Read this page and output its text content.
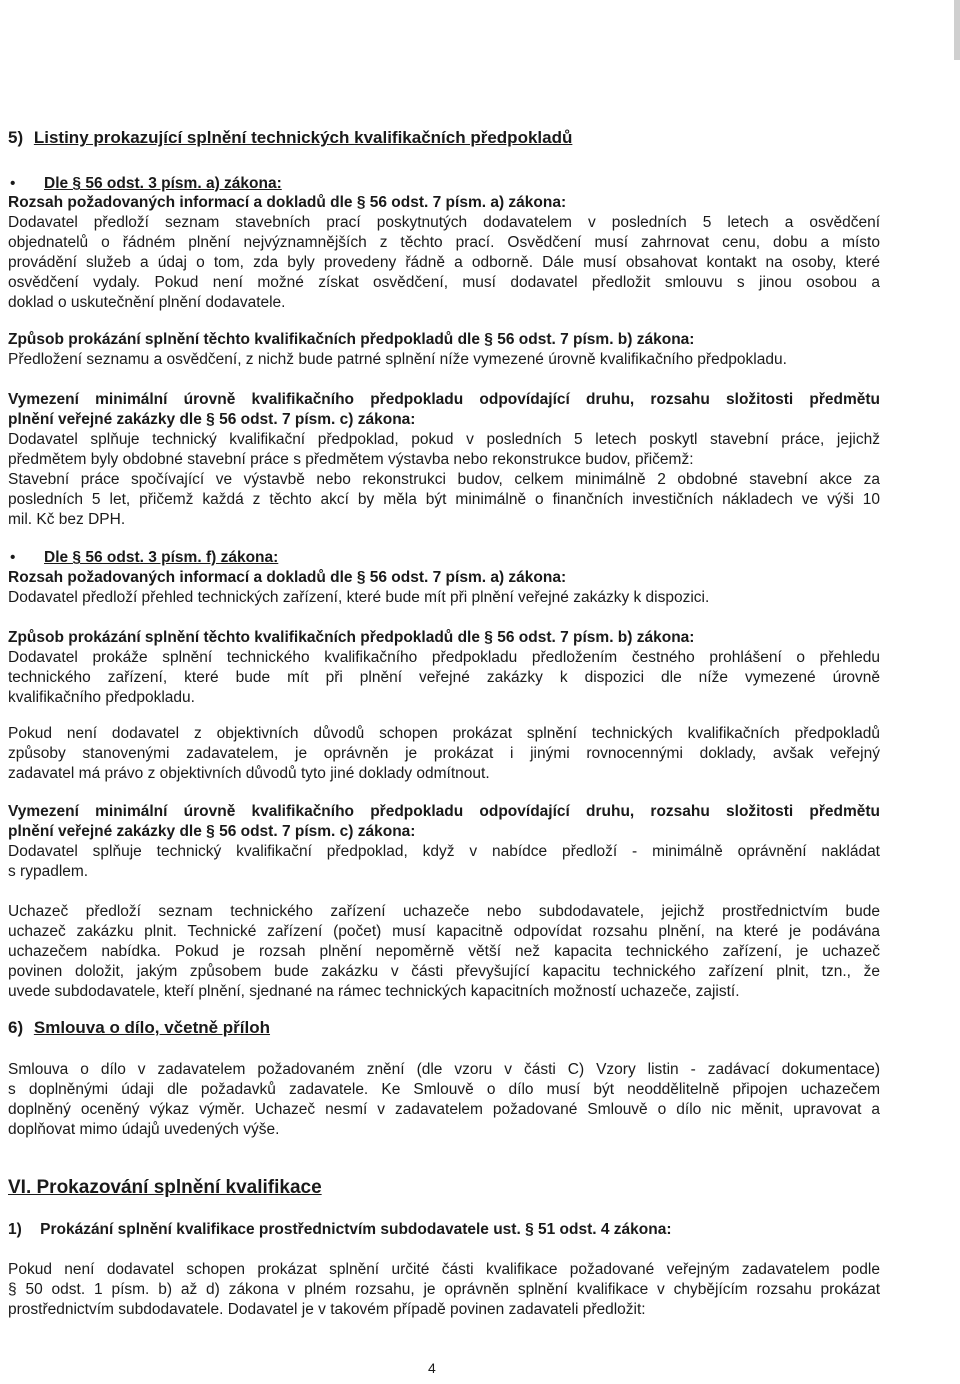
5) Listiny prokazující splnění technických kvalifikačních předpokladů
• Dle § 56 odst. 3 písm. a) zákona:
Rozsah požadovaných informací a dokladů dle § 56 odst. 7 písm. a) zákona:
Dodavatel předloží seznam stavebních prací poskytnutých dodavatelem v posledních 5 letech a osvědčení
objednatelů o řádném plnění nejvýznamnějších z těchto prací. Osvědčení musí zahrnovat cenu, dobu a místo
provádění služeb a údaj o tom, zda byly provedeny řádně a odborně. Dále musí obsahovat kontakt na osoby, které
osvědčení vydaly. Pokud není možné získat osvědčení, musí dodavatel předložit smlouvu s jinou osobou a
doklad o uskutečnění plnění dodavatele.
Způsob prokázání splnění těchto kvalifikačních předpokladů dle § 56 odst. 7 písm. b) zákona:
Předložení seznamu a osvědčení, z nichž bude patrné splnění níže vymezené úrovně kvalifikačního předpokladu.
Vymezení minimální úrovně kvalifikačního předpokladu odpovídající druhu, rozsahu složitosti předmětu
plnění veřejné zakázky dle § 56 odst. 7 písm. c) zákona:
Dodavatel splňuje technický kvalifikační předpoklad, pokud v posledních 5 letech poskytl stavební práce, jejichž
předmětem byly obdobné stavební práce s předmětem výstavba nebo rekonstrukce budov, přičemž:
Stavební práce spočívající ve výstavbě nebo rekonstrukci budov, celkem minimálně 2 obdobné stavební akce za
posledních 5 let, přičemž každá z těchto akcí by měla být minimálně o finančních investičních nákladech ve výši 10
mil. Kč bez DPH.
• Dle § 56 odst. 3 písm. f) zákona:
Rozsah požadovaných informací a dokladů dle § 56 odst. 7 písm. a) zákona:
Dodavatel předloží přehled technických zařízení, které bude mít při plnění veřejné zakázky k dispozici.
Způsob prokázání splnění těchto kvalifikačních předpokladů dle § 56 odst. 7 písm. b) zákona:
Dodavatel prokáže splnění technického kvalifikačního předpokladu předložením čestného prohlášení o přehledu
technického zařízení, které bude mít při plnění veřejné zakázky k dispozici dle níže vymezené úrovně
kvalifikačního předpokladu.
Pokud není dodavatel z objektivních důvodů schopen prokázat splnění technických kvalifikačních předpokladů
způsoby stanovenými zadavatelem, je oprávněn je prokázat i jinými rovnocennými doklady, avšak veřejný
zadavatel má právo z objektivních důvodů tyto jiné doklady odmítnout.
Vymezení minimální úrovně kvalifikačního předpokladu odpovídající druhu, rozsahu složitosti předmětu
plnění veřejné zakázky dle § 56 odst. 7 písm. c) zákona:
Dodavatel splňuje technický kvalifikační předpoklad, když v nabídce předloží - minimálně oprávnění nakládat
s rypadlem.
Uchazeč předloží seznam technického zařízení uchazeče nebo subdodavatele, jejichž prostřednictvím bude
uchazeč zakázku plnit. Technické zařízení (počet) musí kapacitně odpovídat rozsahu plnění, na které je podávána
uchazečem nabídka. Pokud je rozsah plnění nepoměrně větší než kapacita technického zařízení, je uchazeč
povinen doložit, jakým způsobem bude zakázku v části převyšující kapacitu technického zařízení plnit, tzn., že
uvede subdodavatele, kteří plnění, sjednané na rámec technických kapacitních možností uchazeče, zajistí.
6) Smlouva o dílo, včetně příloh
Smlouva o dílo v zadavatelem požadovaném znění (dle vzoru v části C) Vzory listin - zadávací dokumentace)
s doplněnými údaji dle požadavků zadavatele. Ke Smlouvě o dílo musí být neoddělitelně připojen uchazečem
doplněný oceněný výkaz výměr. Uchazeč nesmí v zadavatelem požadované Smlouvě o dílo nic měnit, upravovat a
doplňovat mimo údajů uvedených výše.
VI. Prokazování splnění kvalifikace
1) Prokázání splnění kvalifikace prostřednictvím subdodavatele ust. § 51 odst. 4 zákona:
Pokud není dodavatel schopen prokázat splnění určité části kvalifikace požadované veřejným zadavatelem podle
§ 50 odst. 1 písm. b) až d) zákona v plném rozsahu, je oprávněn splnění kvalifikace v chybějícím rozsahu prokázat
prostřednictvím subdodavatele. Dodavatel je v takovém případě povinen zadavateli předložit:
4
